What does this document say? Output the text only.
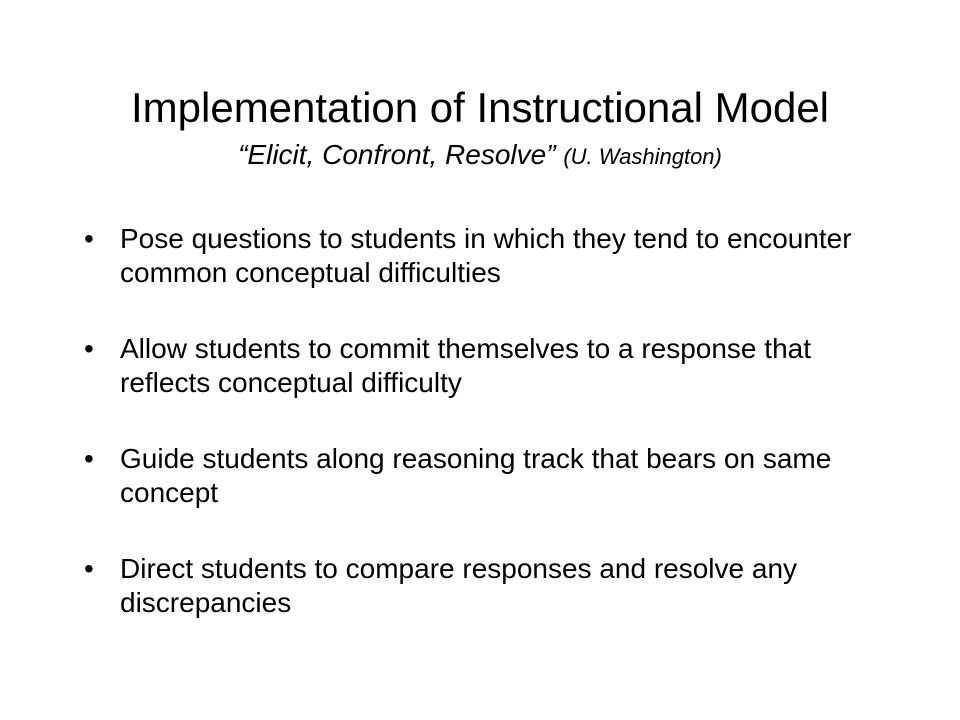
Implementation of Instructional Model
“Elicit, Confront, Resolve” (U. Washington)
• Pose questions to students in which they tend to encounter common conceptual difficulties
• Allow students to commit themselves to a response that reflects conceptual difficulty
• Guide students along reasoning track that bears on same concept
• Direct students to compare responses and resolve any discrepancies
